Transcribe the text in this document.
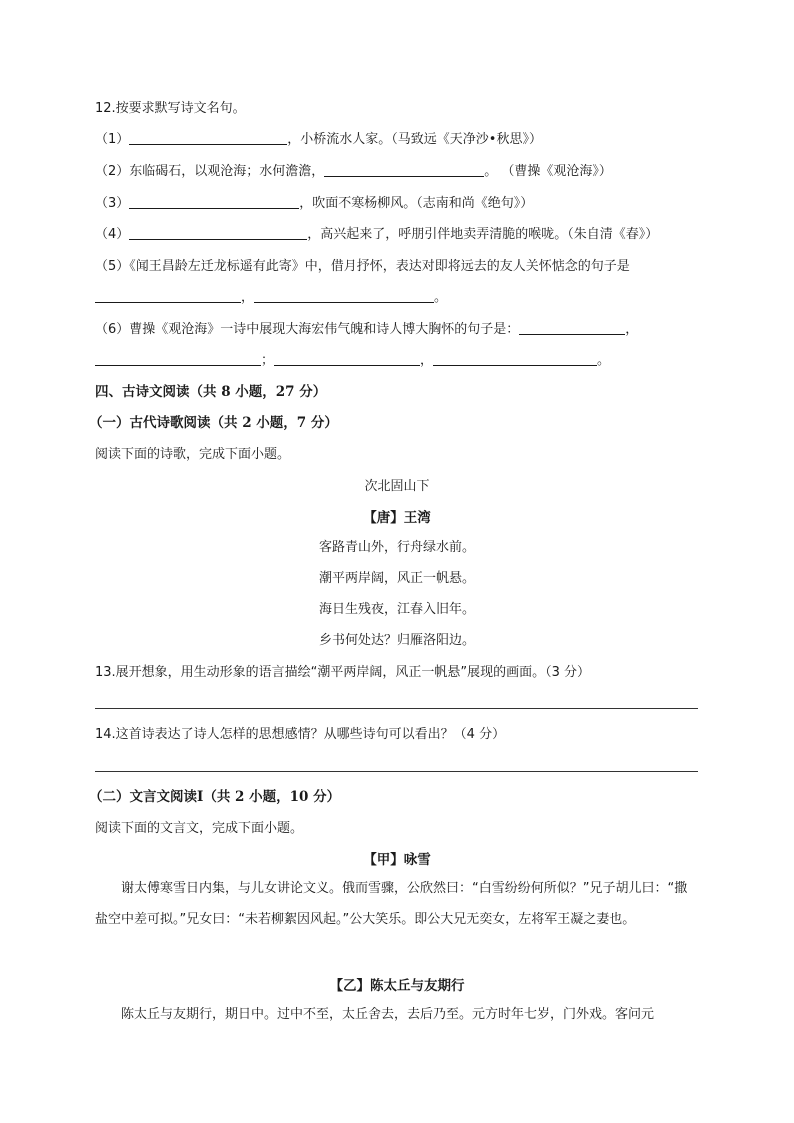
12.按要求默写诗文名句。
（1）	，小桥流水人家。（马致远《天净沙•秋思》）
（2）东临碣石，以观沧海；水何澹澹，	。 （曹操《观沧海》）
（3）	，吹面不寒杨柳风。（志南和尚《绝句》）
（4）	，高兴起来了，呼朋引伴地卖弄清脆的喉咙。（朱自清《春》）
（5）《闻王昌龄左迁龙标遥有此寄》中，借月抒怀，表达对即将远去的友人关怀惦念的句子是
，	。
（6）曹操《观沧海》一诗中展现大海宏伟气魄和诗人博大胸怀的句子是：	，
；	，	。
四、古诗文阅读（共 8 小题，27 分）
（一）古代诗歌阅读（共 2 小题，7 分）
阅读下面的诗歌，完成下面小题。
次北固山下
【唐】王湾
客路青山外，行舟绿水前。
潮平两岸阔，风正一帆悬。
海日生残夜，江春入旧年。
乡书何处达？归雁洛阳边。
13.展开想象，用生动形象的语言描绘“潮平两岸阔，风正一帆悬”展现的画面。（3 分）
14.这首诗表达了诗人怎样的思想感情？从哪些诗句可以看出？（4 分）
（二）文言文阅读Ⅰ（共 2 小题，10 分）
阅读下面的文言文，完成下面小题。
【甲】咏雪
谢太傅寒雪日内集，与儿女讲论文义。俄而雪骤，公欣然曰：“白雪纷纷何所似？”兄子胡儿曰：“撒盐空中差可拟。”兄女曰：“未若柳絮因风起。”公大笑乐。即公大兄无奕女，左将军王凝之妻也。
【乙】陈太丘与友期行
陈太丘与友期行，期日中。过中不至，太丘舍去，去后乃至。元方时年七岁，门外戏。客问元
